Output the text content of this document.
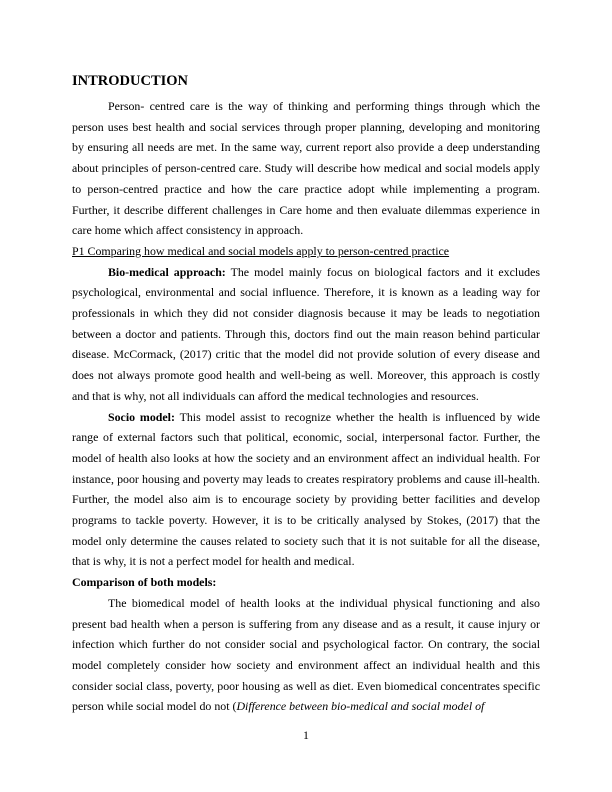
INTRODUCTION

Person- centred care is the way of thinking and performing things through which the person uses best health and social services through proper planning, developing and monitoring by ensuring all needs are met. In the same way, current report also provide a deep understanding about principles of person-centred care. Study will describe how medical and social models apply to person-centred practice and how the care practice adopt while implementing a program. Further, it describe different challenges in Care home and then evaluate dilemmas experience in care home which affect consistency in approach.

P1 Comparing how medical and social models apply to person-centred practice

Bio-medical approach: The model mainly focus on biological factors and it excludes psychological, environmental and social influence. Therefore, it is known as a leading way for professionals in which they did not consider diagnosis because it may be leads to negotiation between a doctor and patients. Through this, doctors find out the main reason behind particular disease. McCormack, (2017) critic that the model did not provide solution of every disease and does not always promote good health and well-being as well. Moreover, this approach is costly and that is why, not all individuals can afford the medical technologies and resources.

Socio model: This model assist to recognize whether the health is influenced by wide range of external factors such that political, economic, social, interpersonal factor. Further, the model of health also looks at how the society and an environment affect an individual health. For instance, poor housing and poverty may leads to creates respiratory problems and cause ill-health. Further, the model also aim is to encourage society by providing better facilities and develop programs to tackle poverty. However, it is to be critically analysed by Stokes, (2017) that the model only determine the causes related to society such that it is not suitable for all the disease, that is why, it is not a perfect model for health and medical.

Comparison of both models:

The biomedical model of health looks at the individual physical functioning and also present bad health when a person is suffering from any disease and as a result, it cause injury or infection which further do not consider social and psychological factor. On contrary, the social model completely consider how society and environment affect an individual health and this consider social class, poverty, poor housing as well as diet. Even biomedical concentrates specific person while social model do not (Difference between bio-medical and social model of

1
